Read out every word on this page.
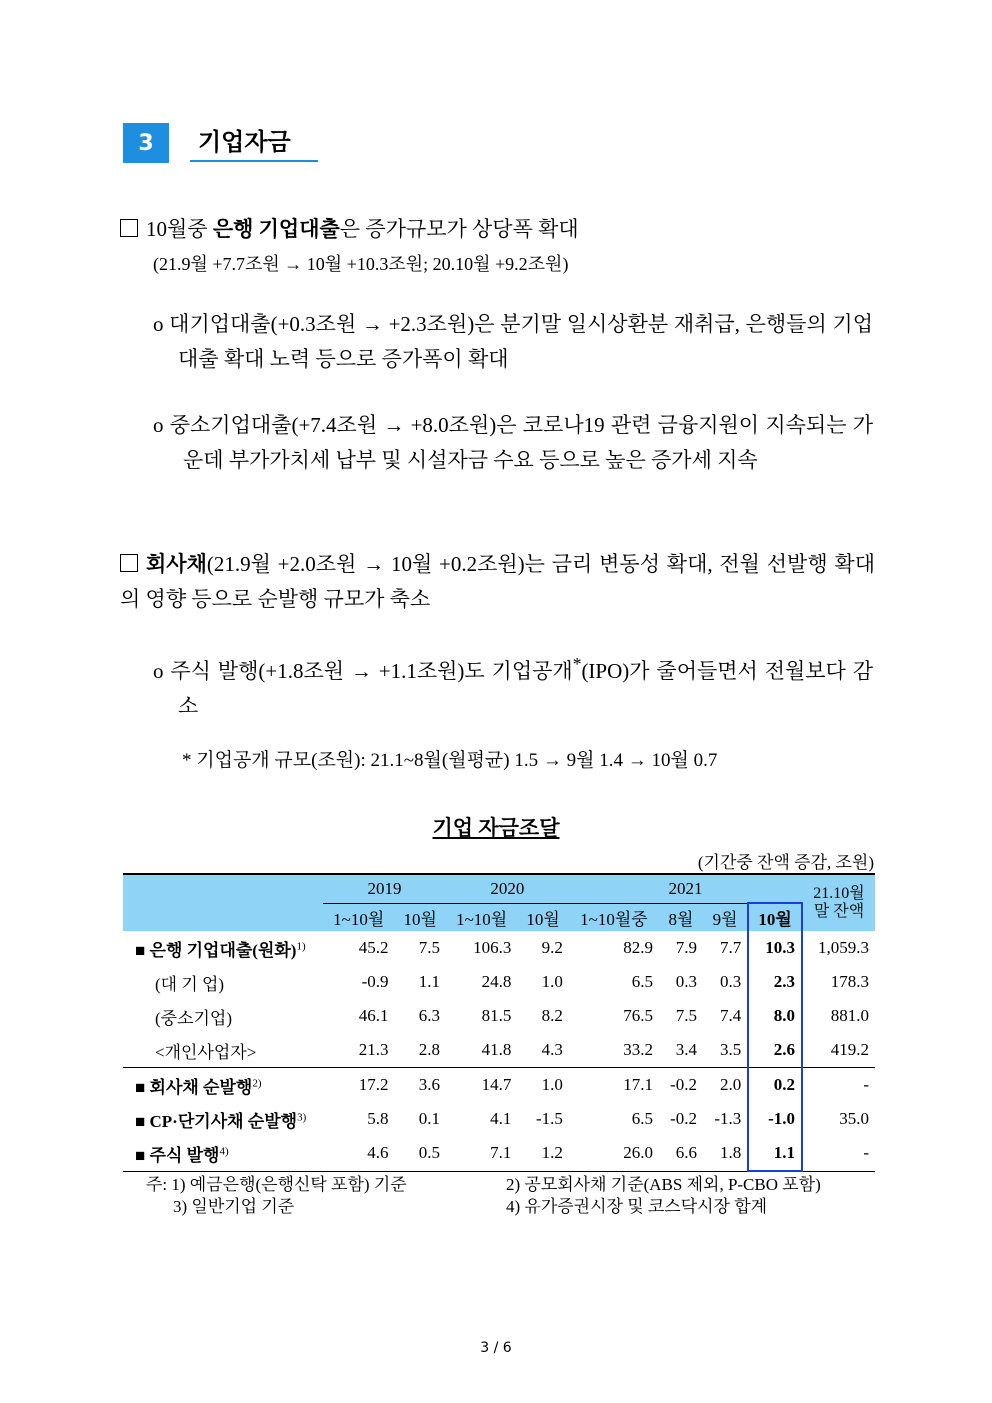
3	기업자금
10월중 은행 기업대출은 증가규모가 상당폭 확대
(21.9월 +7.7조원 → 10월 +10.3조원; 20.10월 +9.2조원)
o 대기업대출(+0.3조원 → +2.3조원)은 분기말 일시상환분 재취급, 은행들의 기업대출 확대 노력 등으로 증가폭이 확대
o 중소기업대출(+7.4조원 → +8.0조원)은 코로나19 관련 금융지원이 지속되는 가운데 부가가치세 납부 및 시설자금 수요 등으로 높은 증가세 지속
회사채(21.9월 +2.0조원 → 10월 +0.2조원)는 금리 변동성 확대, 전월 선발행 확대의 영향 등으로 순발행 규모가 축소
o 주식 발행(+1.8조원 → +1.1조원)도 기업공개*(IPO)가 줄어들면서 전월보다 감소
* 기업공개 규모(조원): 21.1~8월(월평균) 1.5 → 9월 1.4 → 10월 0.7
기업 자금조달
(기간중 잔액 증감, 조원)
	2019		2020		2021				21.10월말 잔액
	1~10월	10월	1~10월	10월	1~10월중	8월	9월	10월	
■ 은행 기업대출(원화)$^{1)}$	45.2	7.5	106.3	9.2	82.9	7.9	7.7	10.3	1,059.3
(대 기 업)	-0.9	1.1	24.8	1.0	6.5	0.3	0.3	2.3	178.3
(중소기업)	46.1	6.3	81.5	8.2	76.5	7.5	7.4	8.0	881.0
<개인사업자>	21.3	2.8	41.8	4.3	33.2	3.4	3.5	2.6	419.2
■ 회사채 순발행$^{2)}$	17.2	3.6	14.7	1.0	17.1	-0.2	2.0	0.2	-
■ CP·단기사채 순발행$^{3)}$	5.8	0.1	4.1	-1.5	6.5	-0.2	-1.3	-1.0	35.0
■ 주식 발행$^{4)}$	4.6	0.5	7.1	1.2	26.0	6.6	1.8	1.1	-
주: 1) 예금은행(은행신탁 포함) 기준	2) 공모회사채 기준(ABS 제외, P-CBO 포함)
3) 일반기업 기준	4) 유가증권시장 및 코스닥시장 합계
3 / 6
